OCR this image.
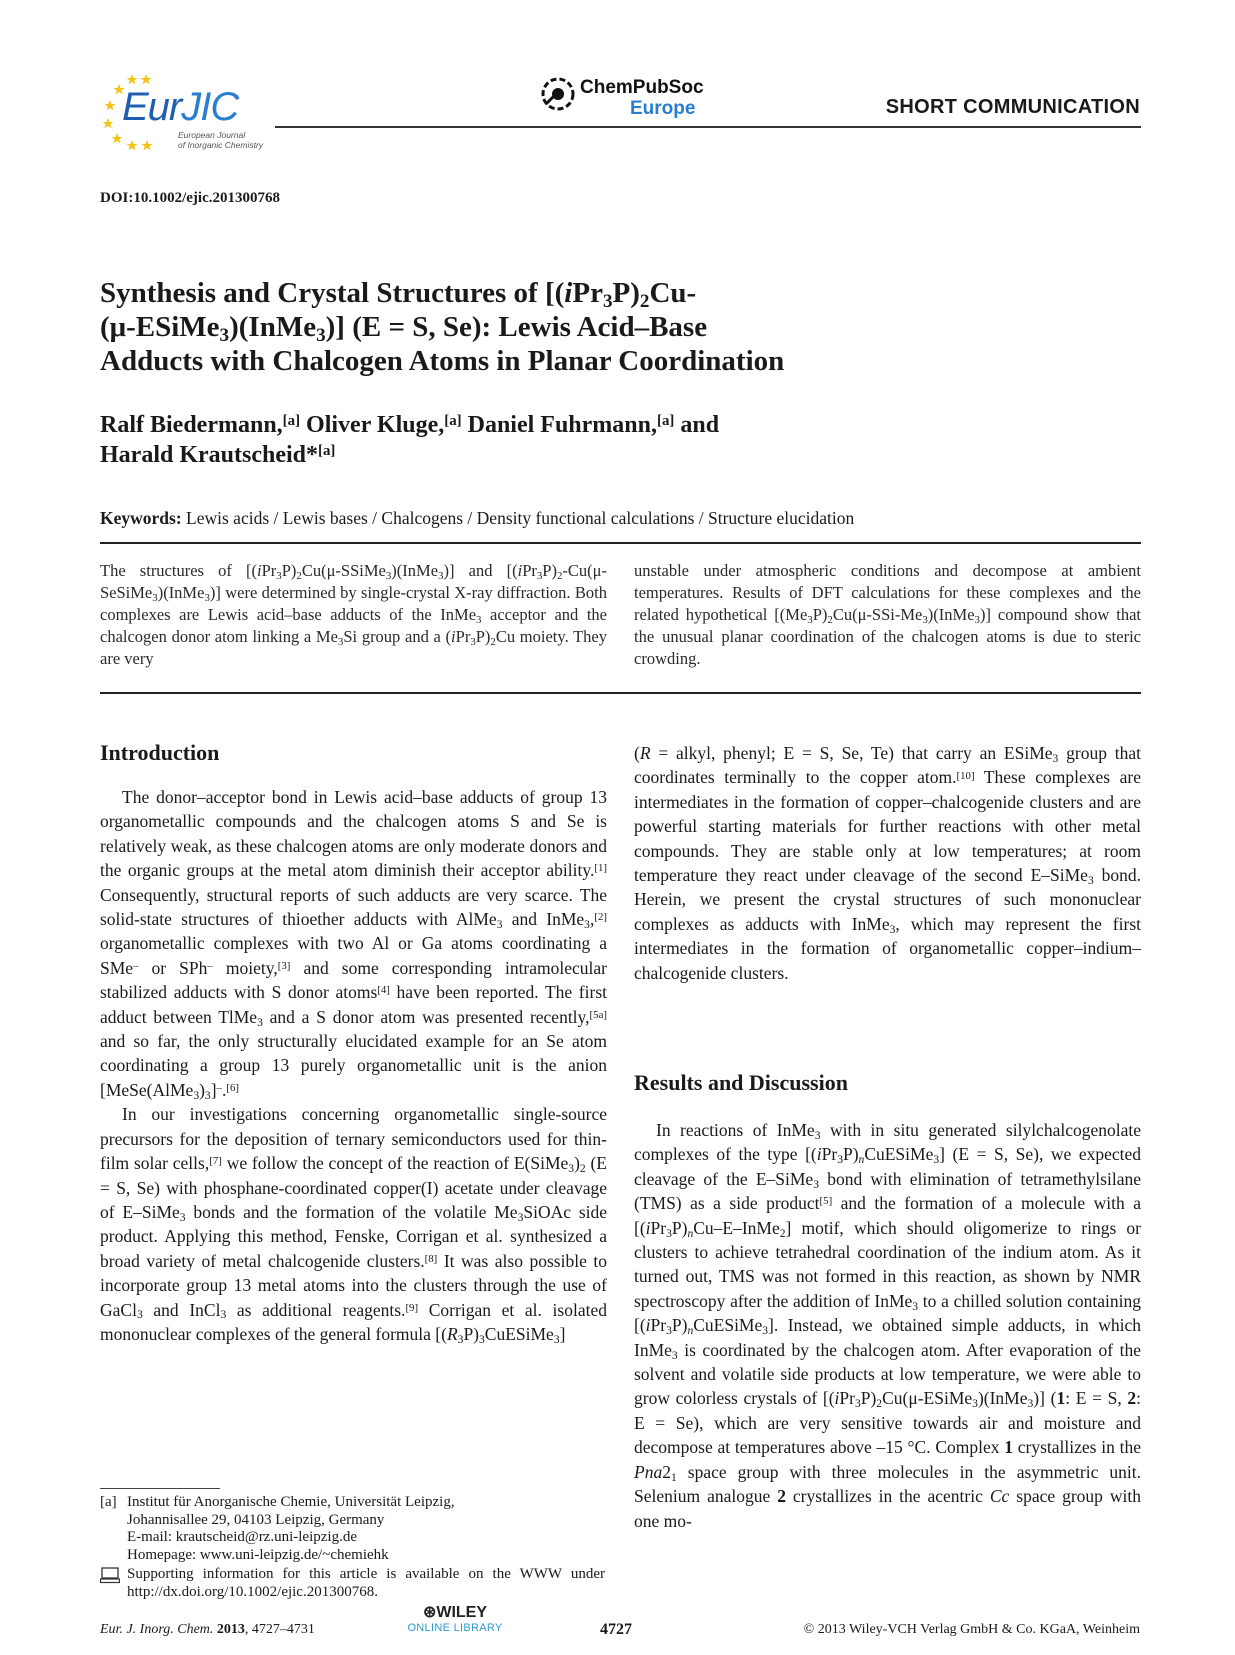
EurJIC
European Journal
of Inorganic Chemistry
ChemPubSoc
Europe	SHORT COMMUNICATION
DOI:10.1002/ejic.201300768
Synthesis and Crystal Structures of [$(iPr_3P)_2Cu-$
(μ-ESiMe$_3$)(InMe$_3$)] (E = S, Se): Lewis Acid–Base
Adducts with Chalcogen Atoms in Planar Coordination

Ralf Biedermann,[a] Oliver Kluge,[a] Daniel Fuhrmann,[a] and
Harald Krautscheid*[a]

Keywords: Lewis acids / Lewis bases / Chalcogens / Density functional calculations / Structure elucidation
The structures of $[(iPr_3P)_2Cu(\mu-SSiMe_3)(InMe_3)]$ and $[(iPr_3P)_2-Cu(\mu-SeSiMe_3)(InMe_3)]$ were determined by single-crystal X-ray diffraction. Both complexes are Lewis acid–base adducts of the InMe$_3$ acceptor and the chalcogen donor atom linking a $Me_3Si$ group and a $(iPr_3P)_2Cu$ moiety. They are very
unstable under atmospheric conditions and decompose at ambient temperatures. Results of DFT calculations for these complexes and the related hypothetical $[(Me_3P)_2Cu(\mu-SSi-Me_3)(InMe_3)]$ compound show that the unusual planar coordination of the chalcogen atoms is due to steric crowding.
Introduction

The donor–acceptor bond in Lewis acid–base adducts of group 13 organometallic compounds and the chalcogen atoms S and Se is relatively weak, as these chalcogen atoms are only moderate donors and the organic groups at the metal atom diminish their acceptor ability.[1] Consequently, structural reports of such adducts are very scarce. The solid-state structures of thioether adducts with AlMe$_3$ and InMe$_3$,[2] organometallic complexes with two Al or Ga atoms coordinating a SMe– or SPh– moiety,[3] and some corresponding intramolecular stabilized adducts with S donor atoms[4] have been reported. The first adduct between TlMe$_3$ and a S donor atom was presented recently,[5a] and so far, the only structurally elucidated example for an Se atom coordinating a group 13 purely organometallic unit is the anion $[MeSe(AlMe_3)_3]^-.[6]$

In our investigations concerning organometallic single-source precursors for the deposition of ternary semiconductors used for thin-film solar cells,[7] we follow the concept of the reaction of $E(SiMe_3)_2$ (E = S, Se) with phosphane-coordinated copper(I) acetate under cleavage of E–SiMe$_3$ bonds and the formation of the volatile $Me_3SiOAc$ side product. Applying this method, Fenske, Corrigan et al. synthesized a broad variety of metal chalcogenide clusters.[8] It was also possible to incorporate group 13 metal atoms into the clusters through the use of GaCl$_3$ and InCl$_3$ as additional reagents.[9] Corrigan et al. isolated mononuclear complexes of the general formula $[(R_3P)_3CuESiMe_3]$

(R = alkyl, phenyl; E = S, Se, Te) that carry an ESiMe$_3$ group that coordinates terminally to the copper atom.[10] These complexes are intermediates in the formation of copper–chalcogenide clusters and are powerful starting materials for further reactions with other metal compounds. They are stable only at low temperatures; at room temperature they react under cleavage of the second E–SiMe$_3$ bond. Herein, we present the crystal structures of such mononuclear complexes as adducts with InMe$_3$, which may represent the first intermediates in the formation of organometallic copper–indium–chalcogenide clusters.

Results and Discussion

In reactions of InMe$_3$ with in situ generated silylchalcogenolate complexes of the type $[(iPr_3P)_nCuESiMe_3] (E = S$, Se), we expected cleavage of the E–SiMe$_3$ bond with elimination of tetramethylsilane (TMS) as a side product[5] and the formation of a molecule with a $[(iPr_3P)_nCu-E-InMe_2]$ motif, which should oligomerize to rings or clusters to achieve tetrahedral coordination of the indium atom. As it turned out, TMS was not formed in this reaction, as shown by NMR spectroscopy after the addition of InMe$_3$ to a chilled solution containing $[(iPr_3P)_nCuESiMe_3]$. Instead, we obtained simple adducts, in which InMe$_3$ is coordinated by the chalcogen atom. After evaporation of the solvent and volatile side products at low temperature, we were able to grow colorless crystals of $[(iPr_3P)_2Cu(\mu-ESiMe_3)(InMe_3)]$ (1: E = S, 2: E = Se), which are very sensitive towards air and moisture and decompose at temperatures above –15 °C. Complex 1 crystallizes in the $Pna2_1$ space group with three molecules in the asymmetric unit. Selenium analogue 2 crystallizes in the acentric Cc space group with one mo-

[a] Institut für Anorganische Chemie, Universität Leipzig,
Johannisallee 29, 04103 Leipzig, Germany
E-mail: krautscheid@rz.uni-leipzig.de
Homepage: www.uni-leipzig.de/~chemiehk
Supporting information for this article is available on the WWW under http://dx.doi.org/10.1002/ejic.201300768.
Eur. J. Inorg. Chem. 2013, 4727–4731
⊛WILEY
ONLINE LIBRARY	4727	© 2013 Wiley-VCH Verlag GmbH & Co. KGaA, Weinheim
